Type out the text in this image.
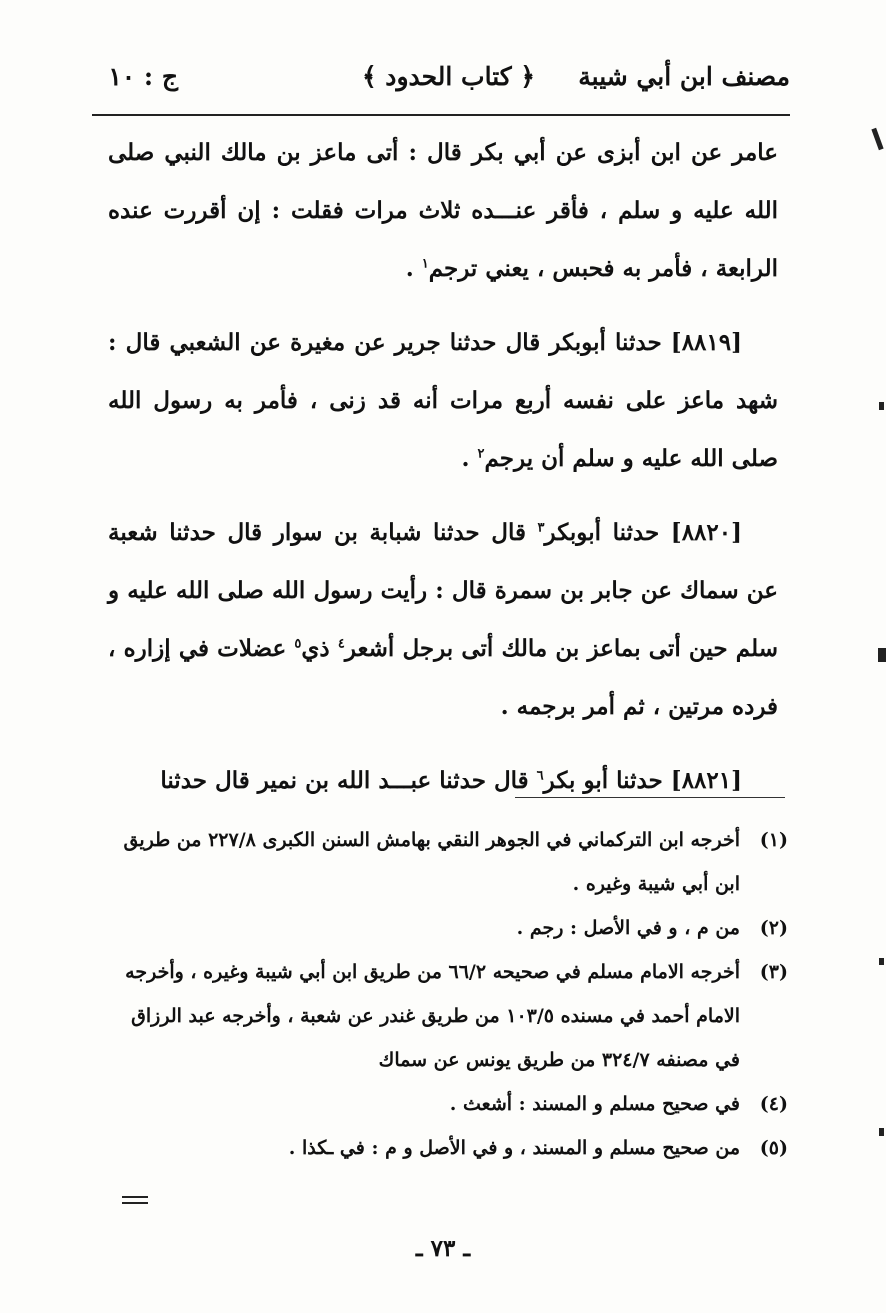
مصنف ابن أبي شيبة
﴿ كتاب الحدود ﴾
ج : ١٠

عامر عن ابن أبزى عن أبي بكر قال : أتى ماعز بن مالك النبي صلى الله عليه و سلم ، فأقر عنـــده ثلاث مرات فقلت : إن أقررت عنده الرابعة ، فأمر به فحبس ، يعني ترجم$^١$ .

[٨٨١٩] حدثنا أبوبكر قال حدثنا جرير عن مغيرة عن الشعبي قال : شهد ماعز على نفسه أربع مرات أنه قد زنى ، فأمر به رسول الله صلى الله عليه و سلم أن يرجم$^٢$ .

[٨٨٢٠] حدثنا أبوبكر$^٣$ قال حدثنا شبابة بن سوار قال حدثنا شعبة عن سماك عن جابر بن سمرة قال : رأيت رسول الله صلى الله عليه و سلم حين أتى بماعز بن مالك أتى برجل أشعر$^٤$ ذي$^٥$ عضلات في إزاره ، فرده مرتين ، ثم أمر برجمه .

[٨٨٢١] حدثنا أبو بكر$^٦$ قال حدثنا عبـــد الله بن نمير قال حدثنا

(١)
أخرجه ابن التركماني في الجوهر النقي بهامش السنن الكبرى ٢٢٧/٨ من طريق ابن أبي شيبة وغيره .
(٢)
من م ، و في الأصل : رجم .
(٣)
أخرجه الامام مسلم في صحيحه ٦٦/٢ من طريق ابن أبي شيبة وغيره ، وأخرجه الامام أحمد في مسنده ١٠٣/٥ من طريق غندر عن شعبة ، وأخرجه عبد الرزاق في مصنفه ٣٢٤/٧ من طريق يونس عن سماك
(٤)
في صحيح مسلم و المسند : أشعث .
(٥)
من صحيح مسلم و المسند ، و في الأصل و م : في ـكذا .
ـ ٧٣ ـ
